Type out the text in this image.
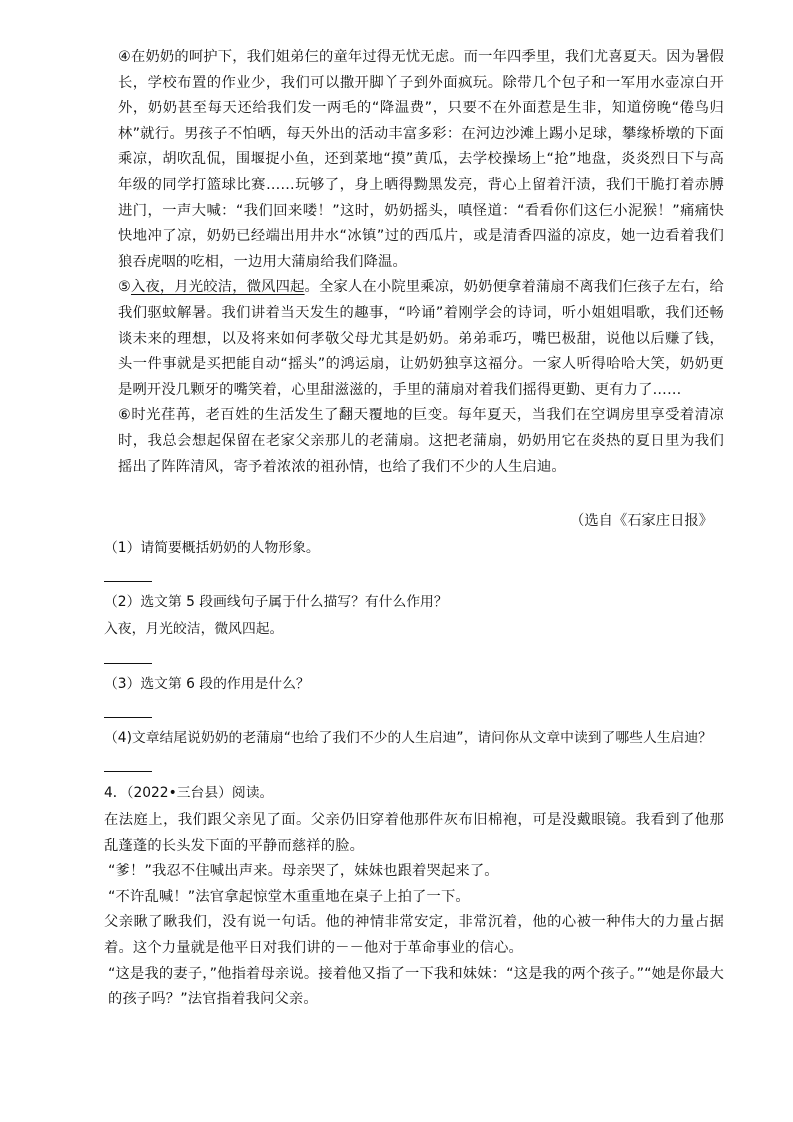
④在奶奶的呵护下，我们姐弟仨的童年过得无忧无虑。而一年四季里，我们尤喜夏天。因为暑假长，学校布置的作业少，我们可以撒开脚丫子到外面疯玩。除带几个包子和一军用水壶凉白开外，奶奶甚至每天还给我们发一两毛的“降温费”，只要不在外面惹是生非，知道傍晚“倦鸟归林”就行。男孩子不怕晒，每天外出的活动丰富多彩：在河边沙滩上踢小足球，攀缘桥墩的下面乘凉，胡吹乱侃，围堰捉小鱼，还到菜地“摸”黄瓜，去学校操场上“抢”地盘，炎炎烈日下与高年级的同学打篮球比赛……玩够了，身上晒得黝黑发亮，背心上留着汗渍，我们干脆打着赤膊进门，一声大喊：“我们回来喽！”这时，奶奶摇头，嗔怪道：“看看你们这仨小泥猴！”痛痛快快地冲了凉，奶奶已经端出用井水“冰镇”过的西瓜片，或是清香四溢的凉皮，她一边看着我们狼吞虎咽的吃相，一边用大蒲扇给我们降温。

⑤入夜，月光皎洁，微风四起。全家人在小院里乘凉，奶奶便拿着蒲扇不离我们仨孩子左右，给我们驱蚊解暑。我们讲着当天发生的趣事，“吟诵”着刚学会的诗词，听小姐姐唱歌，我们还畅谈未来的理想，以及将来如何孝敬父母尤其是奶奶。弟弟乖巧，嘴巴极甜，说他以后赚了钱，头一件事就是买把能自动“摇头”的鸿运扇，让奶奶独享这福分。一家人听得哈哈大笑，奶奶更是咧开没几颗牙的嘴笑着，心里甜滋滋的，手里的蒲扇对着我们摇得更勤、更有力了……

⑥时光荏苒，老百姓的生活发生了翻天覆地的巨变。每年夏天，当我们在空调房里享受着清凉时，我总会想起保留在老家父亲那儿的老蒲扇。这把老蒲扇，奶奶用它在炎热的夏日里为我们摇出了阵阵清风，寄予着浓浓的祖孙情，也给了我们不少的人生启迪。

（选自《石家庄日报》

（1）请简要概括奶奶的人物形象。

（2）选文第 5 段画线句子属于什么描写？有什么作用？

入夜，月光皎洁，微风四起。

（3）选文第 6 段的作用是什么？

（4)文章结尾说奶奶的老蒲扇“也给了我们不少的人生启迪”，请问你从文章中读到了哪些人生启迪？

4．（2022•三台县）阅读。

在法庭上，我们跟父亲见了面。父亲仍旧穿着他那件灰布旧棉袍，可是没戴眼镜。我看到了他那乱蓬蓬的长头发下面的平静而慈祥的脸。

“爹！”我忍不住喊出声来。母亲哭了，妹妹也跟着哭起来了。

“不许乱喊！”法官拿起惊堂木重重地在桌子上拍了一下。

父亲瞅了瞅我们，没有说一句话。他的神情非常安定，非常沉着，他的心被一种伟大的力量占据着。这个力量就是他平日对我们讲的－－他对于革命事业的信心。

“这是我的妻子，”他指着母亲说。接着他又指了一下我和妹妹：“这是我的两个孩子。”“她是你最大的孩子吗？”法官指着我问父亲。
